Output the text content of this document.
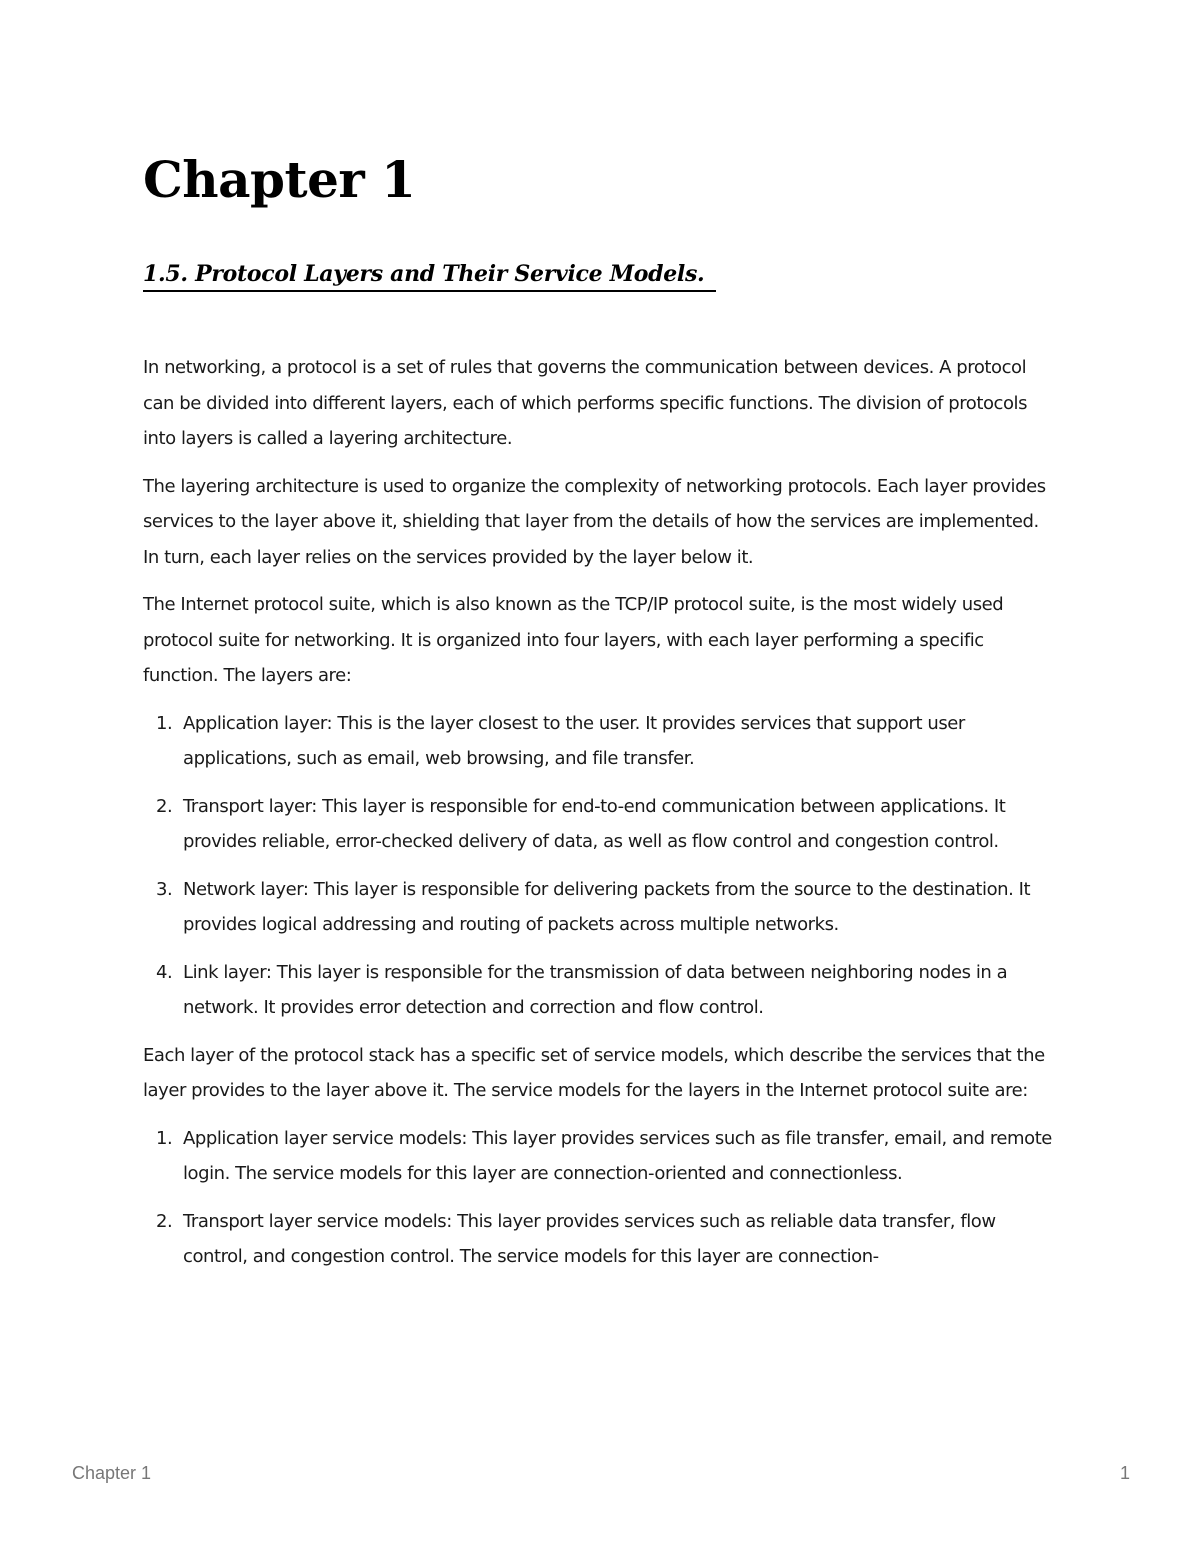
Chapter 1
1.5. Protocol Layers and Their Service Models.

In networking, a protocol is a set of rules that governs the communication between devices. A protocol can be divided into different layers, each of which performs specific functions. The division of protocols into layers is called a layering architecture.

The layering architecture is used to organize the complexity of networking protocols. Each layer provides services to the layer above it, shielding that layer from the details of how the services are implemented. In turn, each layer relies on the services provided by the layer below it.

The Internet protocol suite, which is also known as the TCP/IP protocol suite, is the most widely used protocol suite for networking. It is organized into four layers, with each layer performing a specific function. The layers are:

1. Application layer: This is the layer closest to the user. It provides services that support user applications, such as email, web browsing, and file transfer.
2. Transport layer: This layer is responsible for end-to-end communication between applications. It provides reliable, error-checked delivery of data, as well as flow control and congestion control.
3. Network layer: This layer is responsible for delivering packets from the source to the destination. It provides logical addressing and routing of packets across multiple networks.
4. Link layer: This layer is responsible for the transmission of data between neighboring nodes in a network. It provides error detection and correction and flow control.

Each layer of the protocol stack has a specific set of service models, which describe the services that the layer provides to the layer above it. The service models for the layers in the Internet protocol suite are:

1. Application layer service models: This layer provides services such as file transfer, email, and remote login. The service models for this layer are connection-oriented and connectionless.
2. Transport layer service models: This layer provides services such as reliable data transfer, flow control, and congestion control. The service models for this layer are connection-
Chapter 1	1
